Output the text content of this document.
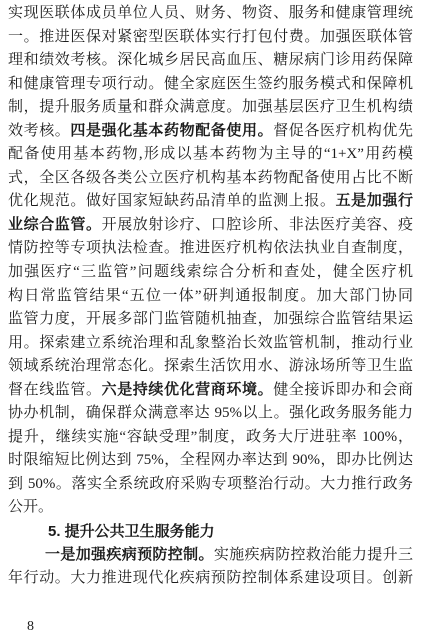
实现医联体成员单位人员、财务、物资、服务和健康管理统
一。推进医保对紧密型医联体实行打包付费。加强医联体管
理和绩效考核。深化城乡居民高血压、糖尿病门诊用药保障
和健康管理专项行动。健全家庭医生签约服务模式和保障机
制，提升服务质量和群众满意度。加强基层医疗卫生机构绩
效考核。四是强化基本药物配备使用。督促各医疗机构优先
配备使用基本药物,形成以基本药物为主导的“1+X”用药模
式，全区各级各类公立医疗机构基本药物配备使用占比不断
优化规范。做好国家短缺药品清单的监测上报。五是加强行
业综合监管。开展放射诊疗、口腔诊所、非法医疗美容、疫
情防控等专项执法检查。推进医疗机构依法执业自查制度，
加强医疗“三监管”问题线索综合分析和查处，健全医疗机
构日常监管结果“五位一体”研判通报制度。加大部门协同
监管力度，开展多部门监管随机抽查，加强综合监管结果运
用。探索建立系统治理和乱象整治长效监管机制，推动行业
领域系统治理常态化。探索生活饮用水、游泳场所等卫生监
督在线监管。六是持续优化营商环境。健全接诉即办和会商
协办机制，确保群众满意率达 95%以上。强化政务服务能力
提升，继续实施“容缺受理”制度，政务大厅进驻率 100%，
时限缩短比例达到 75%，全程网办率达到 90%，即办比例达
到 50%。落实全系统政府采购专项整治行动。大力推行政务
公开。
5. 提升公共卫生服务能力
一是加强疾病预防控制。实施疾病防控救治能力提升三
年行动。大力推进现代化疾病预防控制体系建设项目。创新
8
